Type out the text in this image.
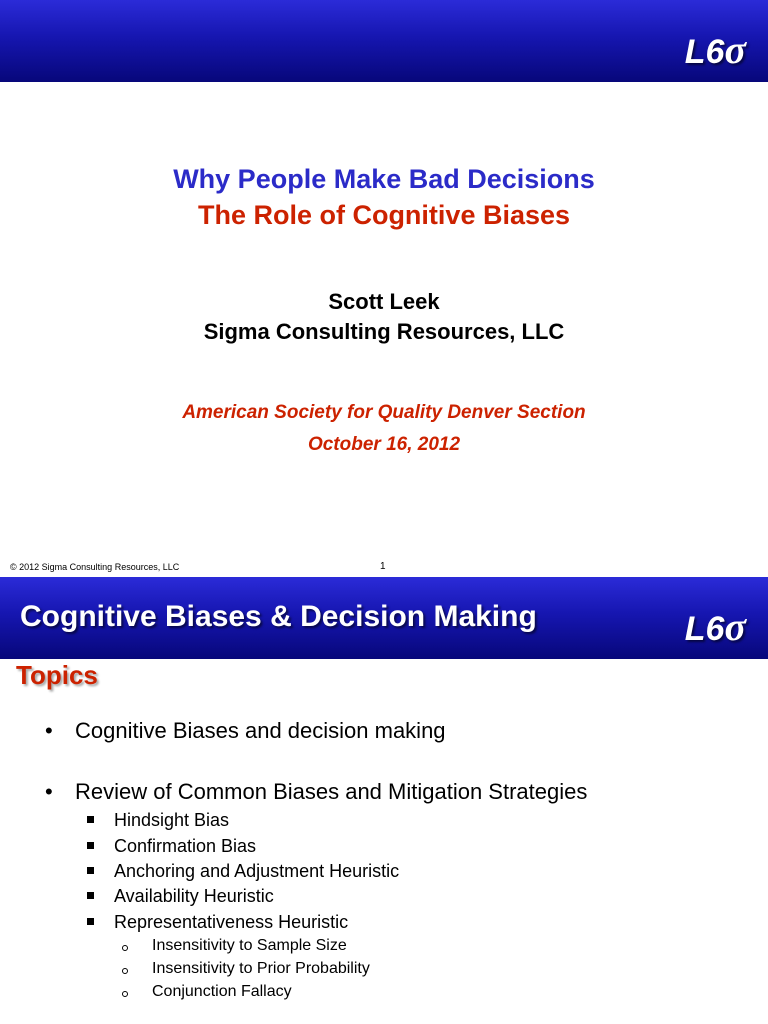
L6σ
Why People Make Bad Decisions
The Role of Cognitive Biases
Scott Leek
Sigma Consulting Resources, LLC
American Society for Quality Denver Section
October 16, 2012
© 2012 Sigma Consulting Resources, LLC	1
L6σ
Cognitive Biases & Decision Making
Topics
• Cognitive Biases and decision making
• Review of Common Biases and Mitigation Strategies
Hindsight Bias
Confirmation Bias
Anchoring and Adjustment Heuristic
Availability Heuristic
Representativeness Heuristic
Insensitivity to Sample Size
Insensitivity to Prior Probability
Conjunction Fallacy
